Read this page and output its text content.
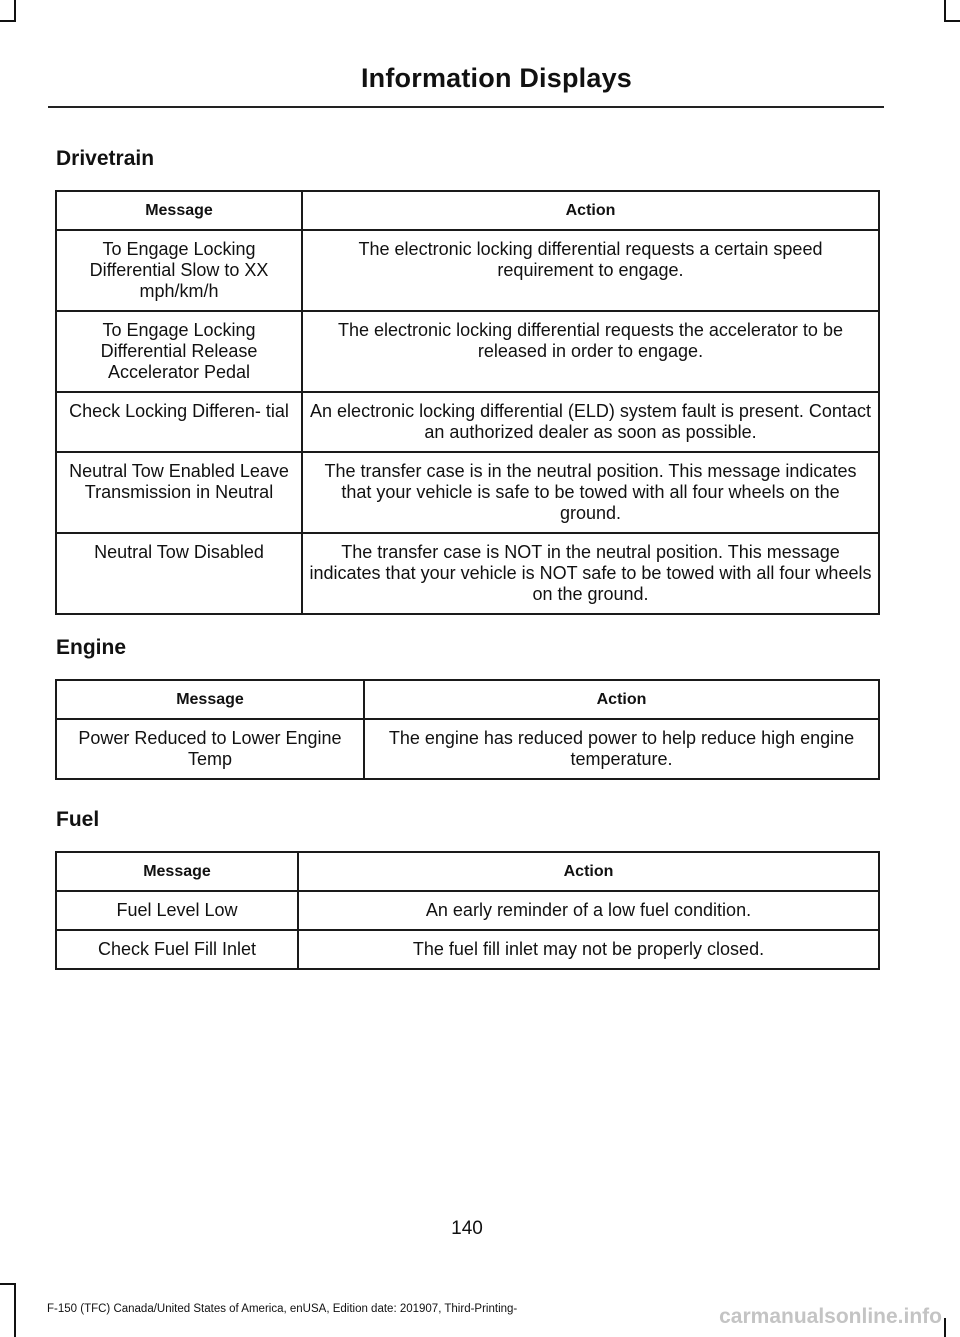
Information Displays
Drivetrain
Message	Action
To Engage Locking Differential Slow to XX mph/km/h	The electronic locking differential requests a certain speed requirement to engage.
To Engage Locking Differential Release Accelerator Pedal	The electronic locking differential requests the accelerator to be released in order to engage.
Check Locking Differen- tial	An electronic locking differential (ELD) system fault is present. Contact an authorized dealer as soon as possible.
Neutral Tow Enabled Leave Transmission in Neutral	The transfer case is in the neutral position. This message indicates that your vehicle is safe to be towed with all four wheels on the ground.
Neutral Tow Disabled	The transfer case is NOT in the neutral position. This message indicates that your vehicle is NOT safe to be towed with all four wheels on the ground.
Engine
Message	Action
Power Reduced to Lower Engine Temp	The engine has reduced power to help reduce high engine temperature.
Fuel
Message	Action
Fuel Level Low	An early reminder of a low fuel condition.
Check Fuel Fill Inlet	The fuel fill inlet may not be properly closed.
140
F-150 (TFC) Canada/United States of America, enUSA, Edition date: 201907, Third-Printing-	carmanualsonline.info
